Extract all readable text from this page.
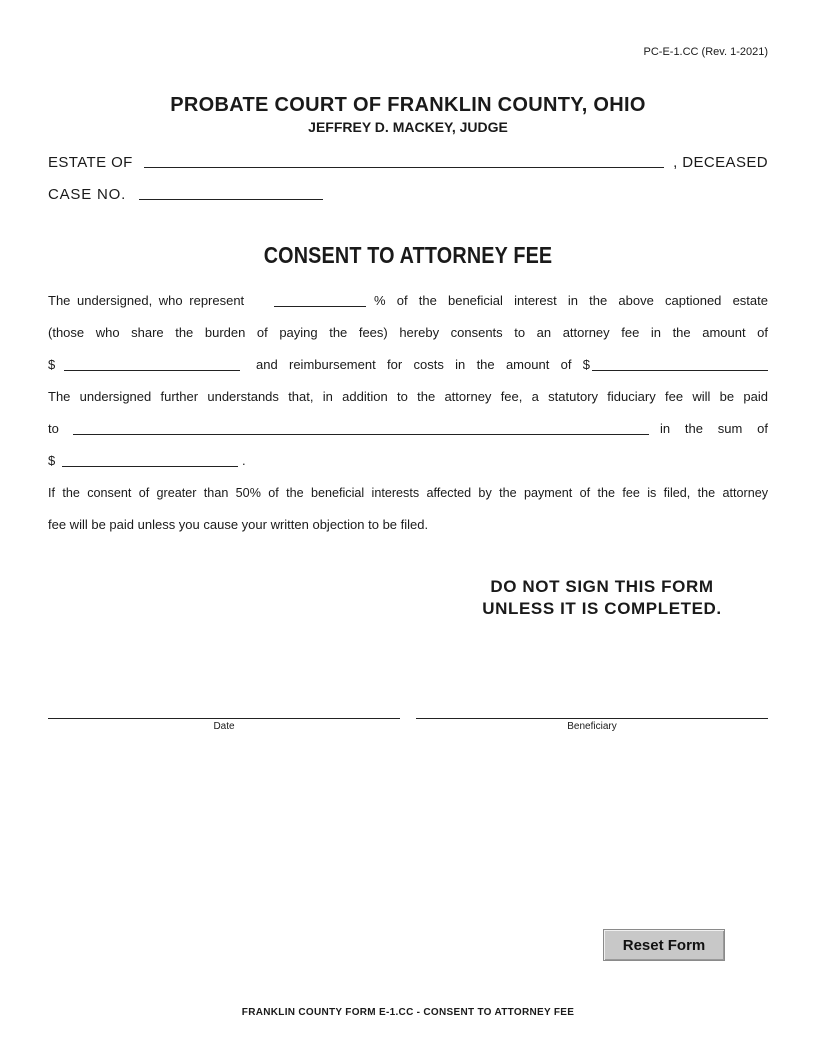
PC-E-1.CC (Rev. 1-2021)
PROBATE COURT OF FRANKLIN COUNTY, OHIO
JEFFREY D. MACKEY, JUDGE
ESTATE OF	, DECEASED
CASE NO.
CONSENT TO ATTORNEY FEE
The undersigned, who represent	% of the beneficial interest in the above captioned estate
(those who share the burden of paying the fees) hereby consents to an attorney fee in the amount of
$	and reimbursement for costs in the amount of $
The undersigned further understands that, in addition to the attorney fee, a statutory fiduciary fee will be paid
to	in the sum of
$	.
If the consent of greater than 50% of the beneficial interests affected by the payment of the fee is filed, the attorney
fee will be paid unless you cause your written objection to be filed.
DO NOT SIGN THIS FORM
UNLESS IT IS COMPLETED.
Date	Beneficiary
Reset Form
FRANKLIN COUNTY FORM E-1.CC - CONSENT TO ATTORNEY FEE
